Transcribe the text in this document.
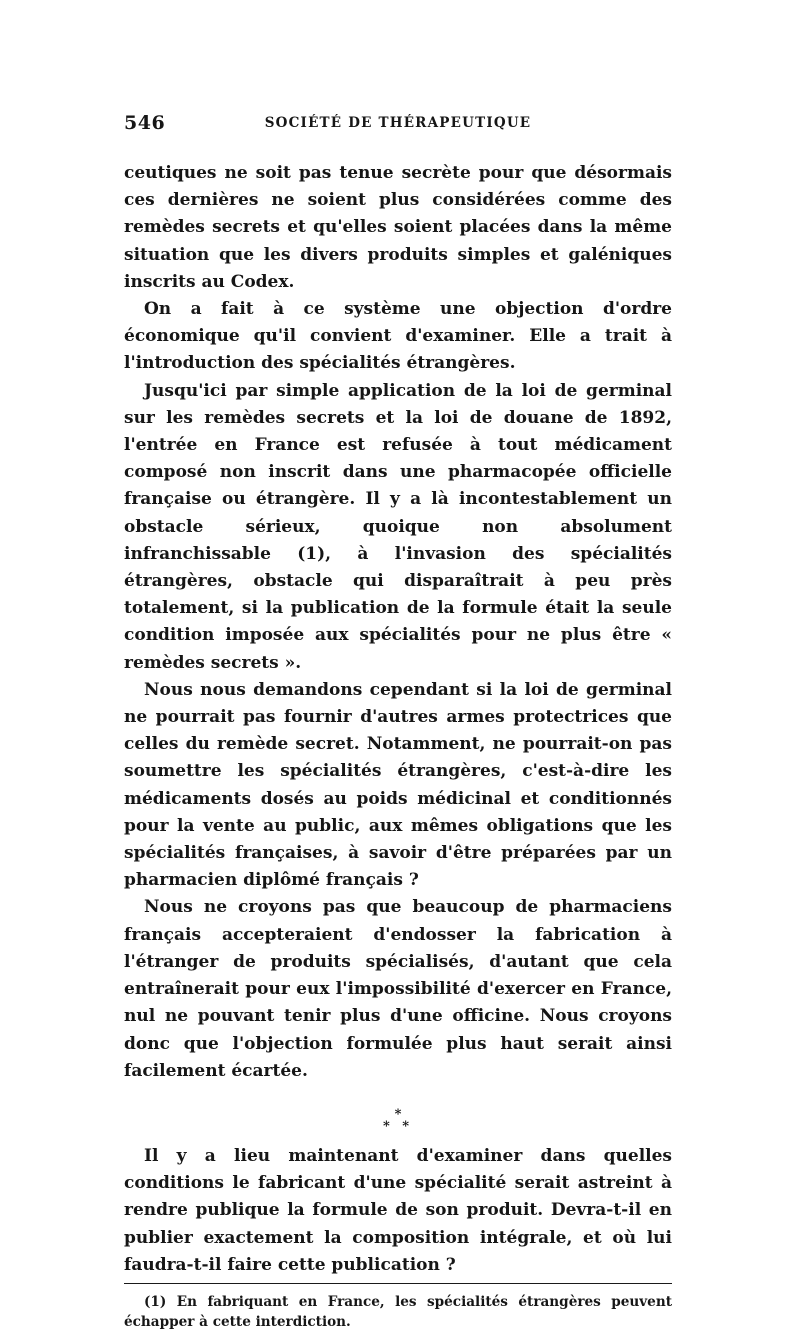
546	SOCIÉTÉ DE THÉRAPEUTIQUE

ceutiques ne soit pas tenue secrète pour que désormais ces dernières ne soient plus considérées comme des remèdes secrets et qu'elles soient placées dans la même situation que les divers produits simples et galéniques inscrits au Codex.

On a fait à ce système une objection d'ordre économique qu'il convient d'examiner. Elle a trait à l'introduction des spécialités étrangères.

Jusqu'ici par simple application de la loi de germinal sur les remèdes secrets et la loi de douane de 1892, l'entrée en France est refusée à tout médicament composé non inscrit dans une pharmacopée officielle française ou étrangère. Il y a là incontestablement un obstacle sérieux, quoique non absolument infranchissable (1), à l'invasion des spécialités étrangères, obstacle qui disparaîtrait à peu près totalement, si la publication de la formule était la seule condition imposée aux spécialités pour ne plus être « remèdes secrets ».

Nous nous demandons cependant si la loi de germinal ne pourrait pas fournir d'autres armes protectrices que celles du remède secret. Notamment, ne pourrait-on pas soumettre les spécialités étrangères, c'est-à-dire les médicaments dosés au poids médicinal et conditionnés pour la vente au public, aux mêmes obligations que les spécialités françaises, à savoir d'être préparées par un pharmacien diplômé français ?

Nous ne croyons pas que beaucoup de pharmaciens français accepteraient d'endosser la fabrication à l'étranger de produits spécialisés, d'autant que cela entraînerait pour eux l'impossibilité d'exercer en France, nul ne pouvant tenir plus d'une officine. Nous croyons donc que l'objection formulée plus haut serait ainsi facilement écartée.

*
* *

Il y a lieu maintenant d'examiner dans quelles conditions le fabricant d'une spécialité serait astreint à rendre publique la formule de son produit. Devra-t-il en publier exactement la composition intégrale, et où lui faudra-t-il faire cette publication ?

(1) En fabriquant en France, les spécialités étrangères peuvent échapper à cette interdiction.
